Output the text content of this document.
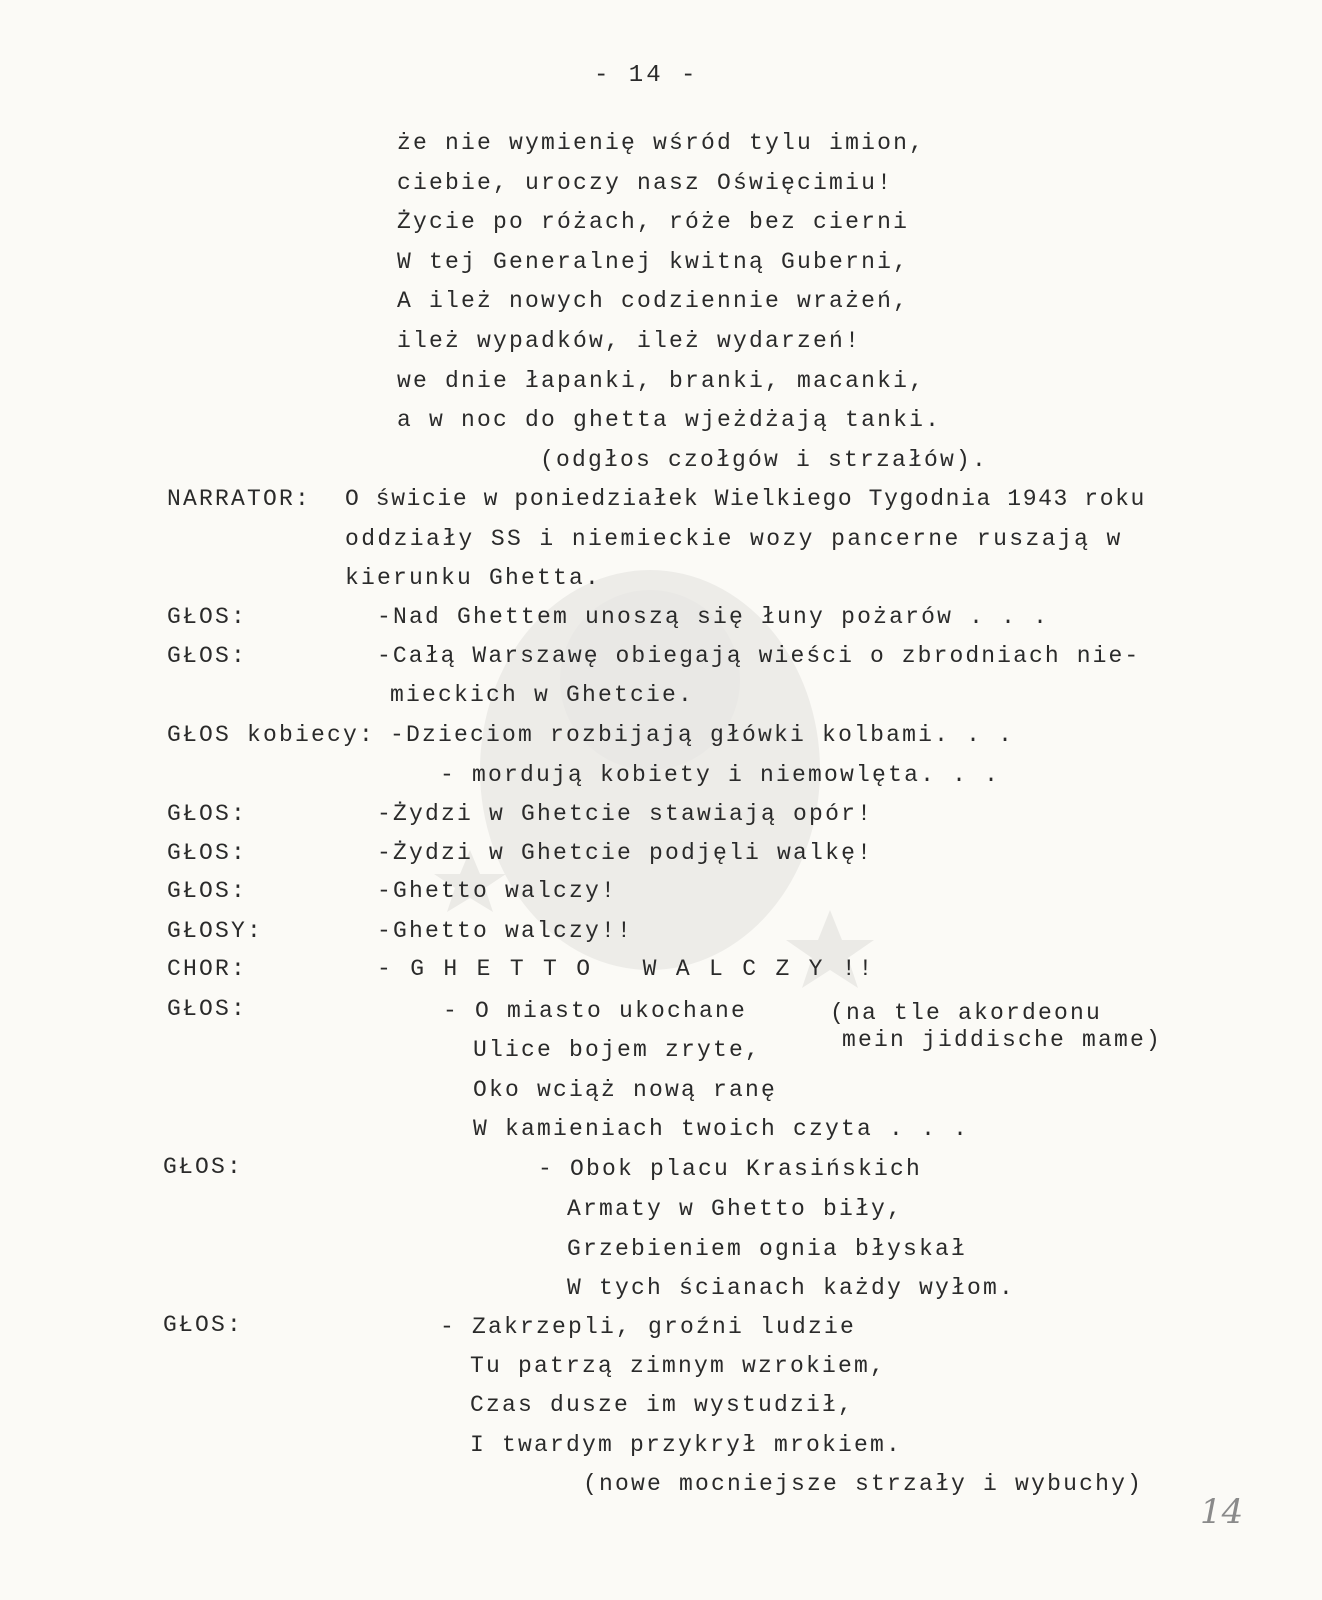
- 14 -
że nie wymienię wśród tylu imion,
ciebie, uroczy nasz Oświęcimiu!
Życie po różach, róże bez cierni
W tej Generalnej kwitną Guberni,
A ileż nowych codziennie wrażeń,
ileż wypadków, ileż wydarzeń!
we dnie łapanki, branki, macanki,
a w noc do ghetta wjeżdżają tanki.
(odgłos czołgów i strzałów).
NARRATOR: O świcie w poniedziałek Wielkiego Tygodnia 1943 roku
oddziały SS i niemieckie wozy pancerne ruszają w
kierunku Ghetta.
GŁOS:	-Nad Ghettem unoszą się łuny pożarów . . .
GŁOS:	-Całą Warszawę obiegają wieści o zbrodniach nie-
mieckich w Ghetcie.
GŁOS kobiecy: -Dzieciom rozbijają główki kolbami. . .
- mordują kobiety i niemowlęta. . .
GŁOS:	-Żydzi w Ghetcie stawiają opór!
GŁOS:	-Żydzi w Ghetcie podjęli walkę!
GŁOS:	-Ghetto walczy!
GŁOSY:	-Ghetto walczy!!
CHOR:	- G H E T T O   W A L C Z Y !!
GŁOS:	- O miasto ukochane	(na tle akordeonu
mein jiddische mame)
Ulice bojem zryte,
Oko wciąż nową ranę
W kamieniach twoich czyta . . .
GŁOS:	- Obok placu Krasińskich
Armaty w Ghetto biły,
Grzebieniem ognia błyskał
W tych ścianach każdy wyłom.
GŁOS:	- Zakrzepli, groźni ludzie
Tu patrzą zimnym wzrokiem,
Czas dusze im wystudził,
I twardym przykrył mrokiem.
(nowe mocniejsze strzały i wybuchy)
14
